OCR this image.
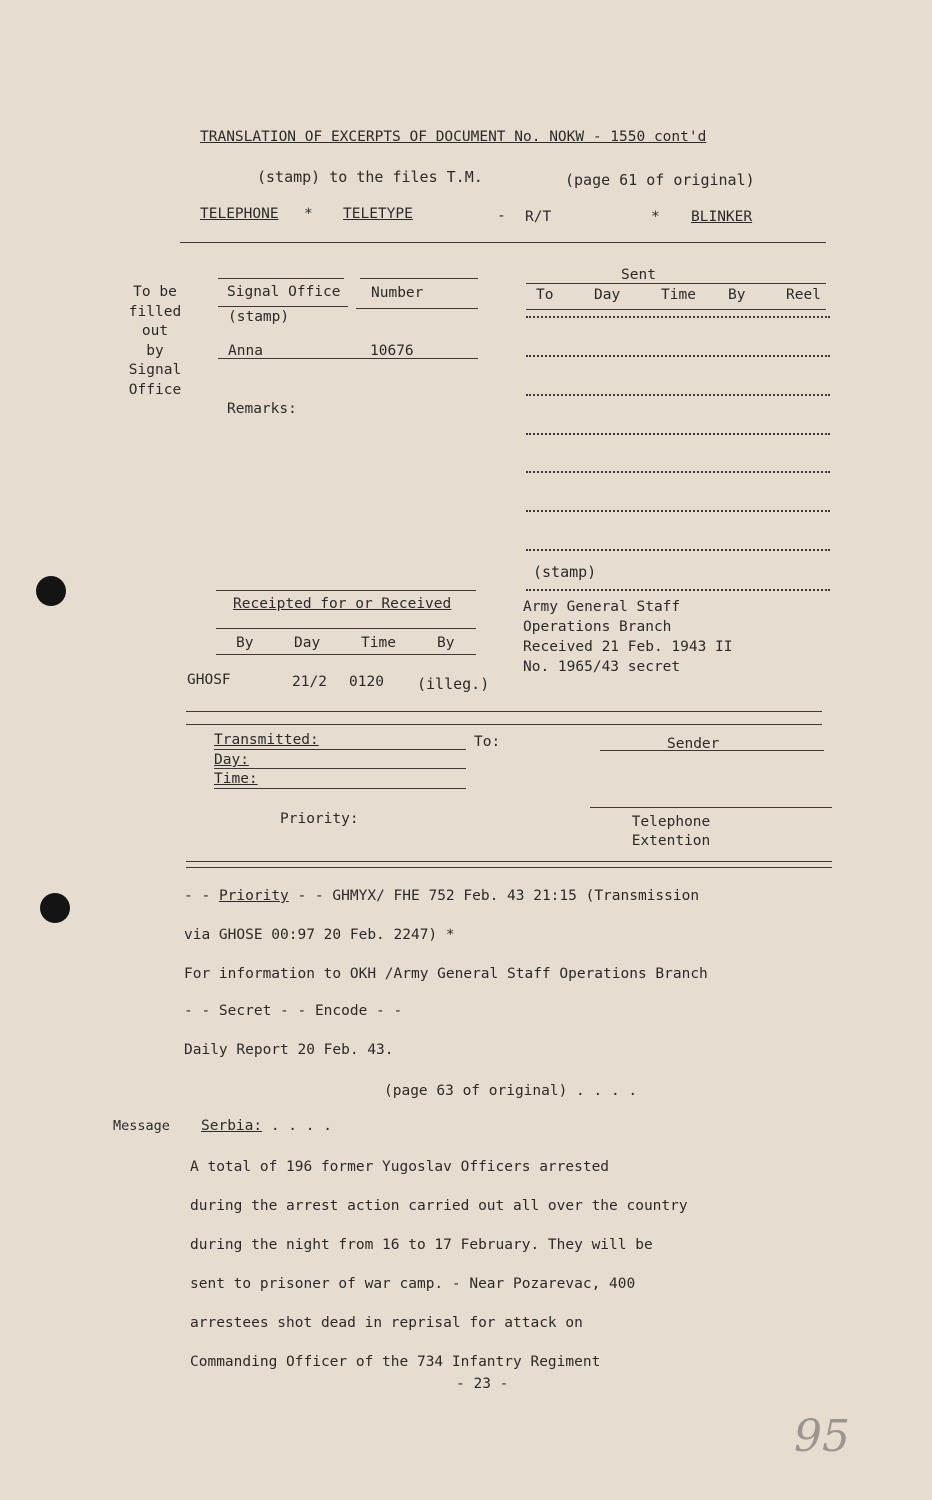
TRANSLATION OF EXCERPTS OF DOCUMENT No. NOKW - 1550 cont'd
(stamp) to the files T.M.	(page 61 of original)
TELEPHONE * TELETYPE	- R/T	* BLINKER
To be
filled
out
by
Signal
Office
Signal Office Number
(stamp)
Anna	10676
Remarks:
Sent
To	Day	Time By	Reel
(stamp)
Army General Staff
Operations Branch
Received 21 Feb. 1943 II
No. 1965/43 secret
Receipted for or Received
By	Day	Time	By
GHOSF	21/2 0120 (illeg.)
Transmitted:
Day:
Time:
To:	Sender
Priority:	Telephone
Extention
- - Priority - - GHMYX/ FHE 752 Feb. 43 21:15 (Transmission
via GHOSE 00:97 20 Feb. 2247) *
For information to OKH /Army General Staff Operations Branch
- - Secret - - Encode - -
Daily Report 20 Feb. 43.
(page 63 of original) . . . .
Message Serbia: . . . .
A total of 196 former Yugoslav Officers arrested
during the arrest action carried out all over the country
during the night from 16 to 17 February. They will be
sent to prisoner of war camp. - Near Pozarevac, 400
arrestees shot dead in reprisal for attack on
Commanding Officer of the 734 Infantry Regiment
- 23 -
95
